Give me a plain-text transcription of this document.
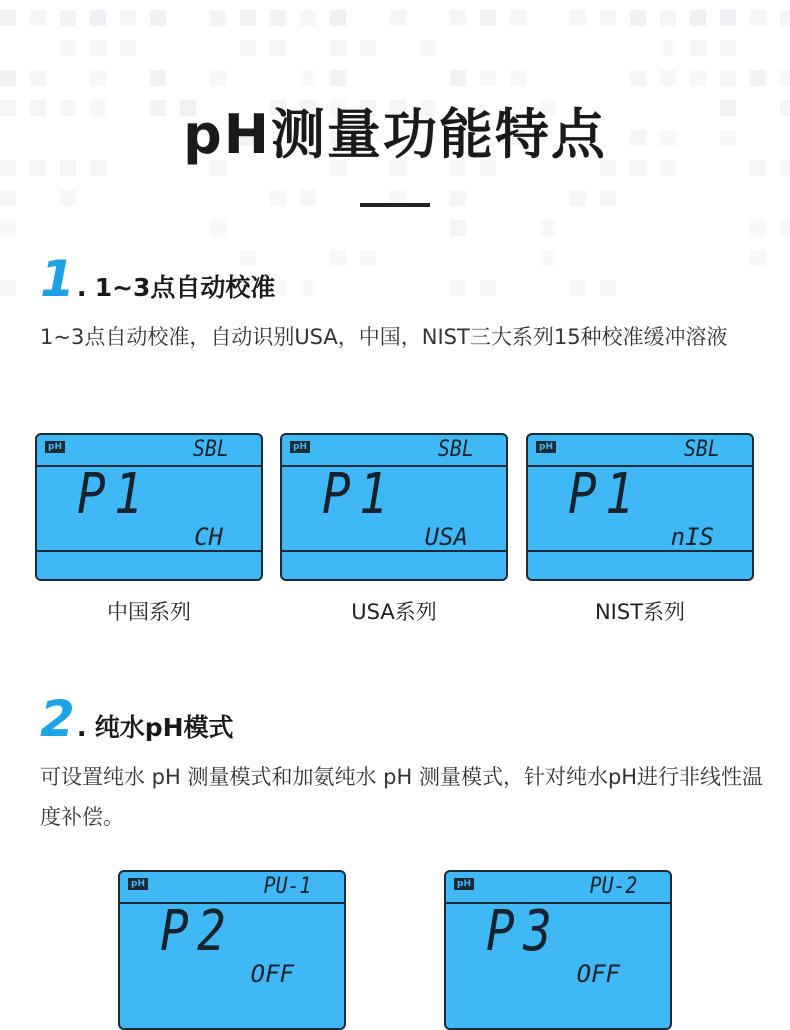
pH测量功能特点
1 . 1~3点自动校准
1~3点自动校准，自动识别USA，中国，NIST三大系列15种校准缓冲溶液
pH	SBL
P1
CH
中国系列
pH	SBL
P1
USA
USA系列
pH	SBL
P1
nIS
NIST系列
2 . 纯水pH模式
可设置纯水 pH 测量模式和加氨纯水 pH 测量模式，针对纯水pH进行非线性温度补偿。
pH	PU-1
P2
OFF
pH	PU-2
P3
OFF
